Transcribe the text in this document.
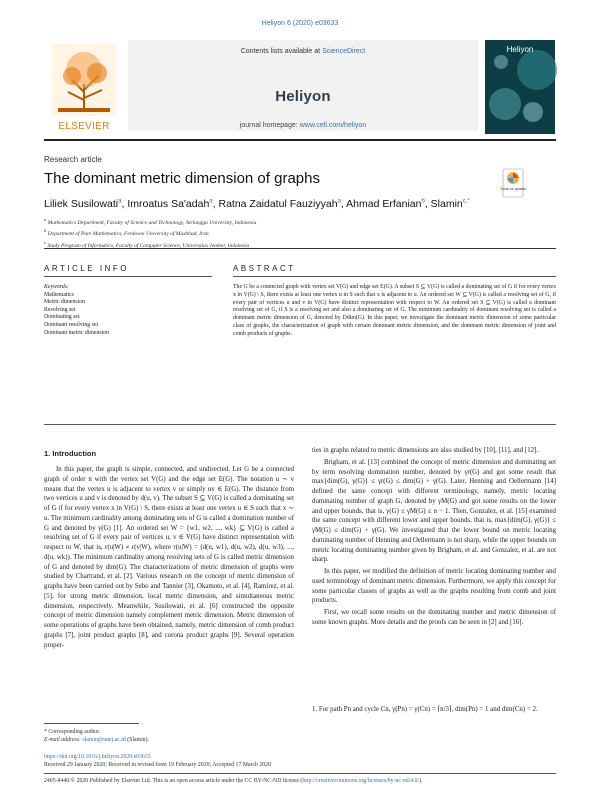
Heliyon 6 (2020) e03633
ELSEVIER
Contents lists available at ScienceDirect
Heliyon
journal homepage: www.cell.com/heliyon
Heliyon
Research article
The dominant metric dimension of graphs
Check for updates
Liliek Susilowati$^a$, Imroatus Sa'adah$^a$, Ratna Zaidatul Fauziyyah$^a$, Ahmad Erfanian$^b$, Slamin$^{c,*}$
$^a$ Mathematics Department, Faculty of Science and Technology, Airlangga University, Indonesia
$^b$ Department of Pure Mathematics, Ferdowsi University of Mashhad, Iran
$^c$ Study Program of Informatics, Faculty of Computer Science, Universitas Jember, Indonesia
ARTICLE INFO
Keywords:
Mathematics
Metric dimension
Resolving set
Dominating set
Dominant resolving set
Dominant metric dimension
ABSTRACT
The G be a connected graph with vertex set V(G) and edge set E(G). A subset S ⊆ V(G) is called a dominating set of G if for every vertex x in V(G) \ S, there exists at least one vertex u in S such that x is adjacent to u. An ordered set W ⊆ V(G) is called a resolving set of G, if every pair of vertices u and v in V(G) have distinct representation with respect to W. An ordered set S ⊆ V(G) is called a dominant resolving set of G, if S is a resolving set and also a dominating set of G. The minimum cardinality of dominant resolving set is called a dominant metric dimension of G, denoted by Ddim(G). In this paper, we investigate the dominant metric dimension of some particular class of graphs, the characterization of graph with certain dominant metric dimension, and the dominant metric dimension of joint and comb products of graphs.
1. Introduction

In this paper, the graph is simple, connected, and undirected. Let G be a connected graph of order n with the vertex set V(G) and the edge set E(G). The notation u ∼ v means that the vertex u is adjacent to vertex v or simply uv ∈ E(G). The distance from two vertices u and v is denoted by d(u, v). The subset S ⊆ V(G) is called a dominating set of G if for every vertex x in V(G) \ S, there exists at least one vertex u ∈ S such that x ∼ u. The minimum cardinality among dominating sets of G is called a domination number of G and denoted by γ(G) [1]. An ordered set W = {w1, w2, ..., wk} ⊆ V(G) is called a resolving set of G if every pair of vertices u, v ∈ V(G) have distinct representation with respect to W, that is, r(u|W) ≠ r(v|W), where r(u|W) = (d(u, w1), d(u, w2), d(u, w3), ..., d(u, wk)). The minimum cardinality among resolving sets of G is called metric dimension of G and denoted by dim(G). The characterizations of metric dimension of graphs were studied by Chartrand, et al. [2]. Various research on the concept of metric dimension of graphs have been carried out by Sebo and Tannier [3], Okamoto, et al. [4], Ramirez, et al. [5], for strong metric dimension, local metric dimension, and simultaneous metric dimension, respectively. Meanwhile, Susilowati, et al. [6] constructed the opposite concept of metric dimension namely complement metric dimension. Metric dimension of some operations of graphs have been obtained, namely, metric dimension of comb product graphs [7], joint product graphs [8], and corona product graphs [9]. Several operation proper-

ties in graphs related to metric dimensions are also studied by [10], [11], and [12].

Brigham, et al. [13] combined the concept of metric dimension and dominating set by term resolving domination number, denoted by γr(G) and got some result that max{dim(G), γ(G)} ≤ γr(G) ≤ dim(G) + γ(G). Later, Henning and Oellermann [14] defined the same concept with different terminology, namely, metric locating dominating number of graph G, denoted by γM(G) and got some results on the lower and upper bounds, that is, γ(G) ≤ γM(G) ≤ n − 1. Then, Gonzalez, et al. [15] examined the same concept with different lower and upper bounds, that is, max{dim(G), γ(G)} ≤ γM(G) ≤ dim(G) + γ(G). We investigated that the lower bound on metric locating dominating number of Henning and Oellermann is not sharp, while the upper bounds on metric locating dominating number given by Brigham, et al. and Gonzalez, et al. are not sharp.

In this paper, we modified the definition of metric locating dominating number and used terminology of dominant metric dimension. Furthermore, we apply this concept for some particular classes of graphs as well as the graphs resulting from comb and joint products.

First, we recall some results on the dominating number and metric dimension of some known graphs. More details and the proofs can be seen in [2] and [16].

1. For path Pn and cycle Cn, γ(Pn) = γ(Cn) = ⌈n/3⌉, dim(Pn) = 1 and dim(Cn) = 2.
* Corresponding author.
E-mail address: slamin@unej.ac.id (Slamin).
https://doi.org/10.1016/j.heliyon.2020.e03633
Received 29 January 2020; Received in revised form 19 February 2020; Accepted 17 March 2020
2405-8440/© 2020 Published by Elsevier Ltd. This is an open access article under the CC BY-NC-ND license (http://creativecommons.org/licenses/by-nc-nd/4.0/).
